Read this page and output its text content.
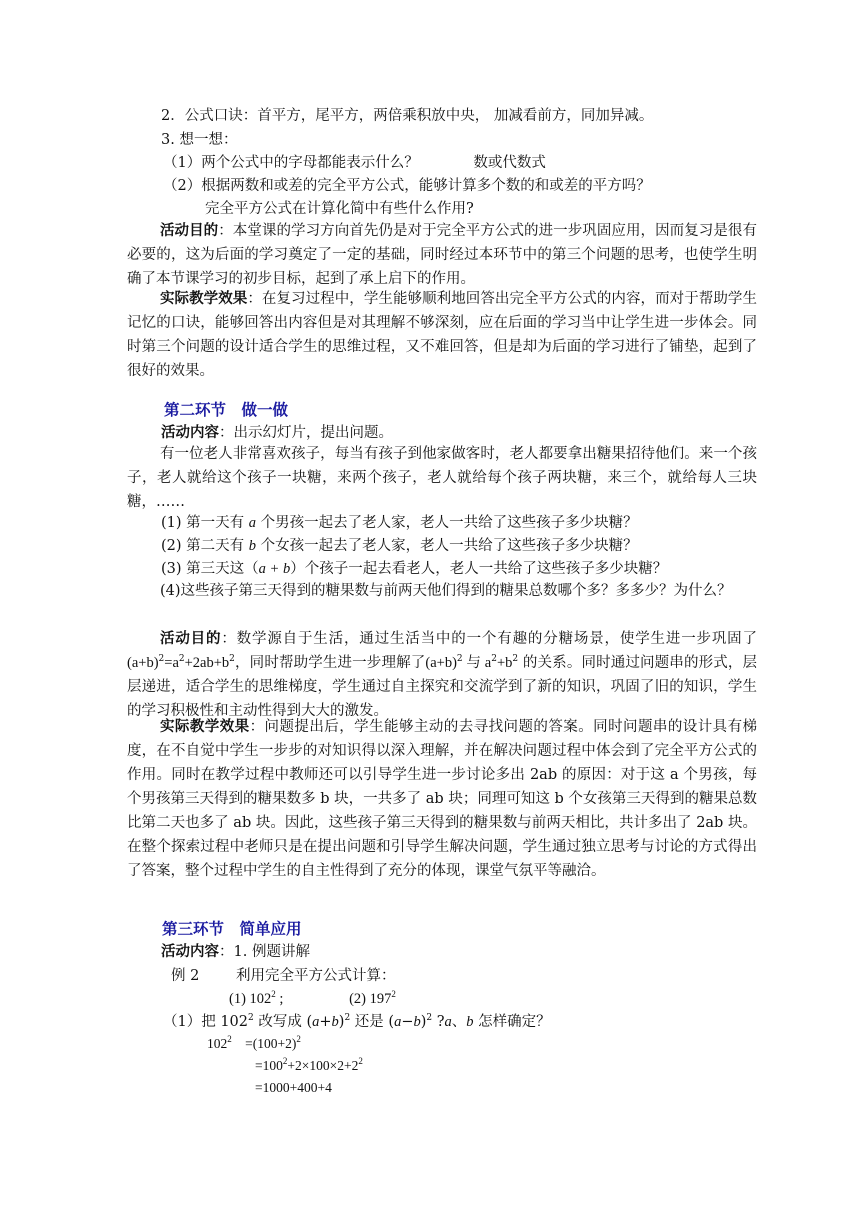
2．公式口诀：首平方，尾平方，两倍乘积放中央， 加减看前方，同加异减。
3. 想一想：
（1）两个公式中的字母都能表示什么？	数或代数式
（2）根据两数和或差的完全平方公式，能够计算多个数的和或差的平方吗？
完全平方公式在计算化简中有些什么作用?
活动目的：本堂课的学习方向首先仍是对于完全平方公式的进一步巩固应用，因而复习是很有必要的，这为后面的学习奠定了一定的基础，同时经过本环节中的第三个问题的思考，也使学生明确了本节课学习的初步目标，起到了承上启下的作用。
实际教学效果：在复习过程中，学生能够顺利地回答出完全平方公式的内容，而对于帮助学生记忆的口诀，能够回答出内容但是对其理解不够深刻，应在后面的学习当中让学生进一步体会。同时第三个问题的设计适合学生的思维过程，又不难回答，但是却为后面的学习进行了铺垫，起到了很好的效果。
第二环节　做一做
活动内容：出示幻灯片，提出问题。
有一位老人非常喜欢孩子，每当有孩子到他家做客时，老人都要拿出糖果招待他们。来一个孩子，老人就给这个孩子一块糖，来两个孩子，老人就给每个孩子两块糖，来三个，就给每人三块糖，……
(1) 第一天有 a 个男孩一起去了老人家，老人一共给了这些孩子多少块糖？
(2) 第二天有 b 个女孩一起去了老人家，老人一共给了这些孩子多少块糖？
(3) 第三天这（a + b）个孩子一起去看老人，老人一共给了这些孩子多少块糖？
(4)这些孩子第三天得到的糖果数与前两天他们得到的糖果总数哪个多？多多少？为什么？
活动目的：数学源自于生活，通过生活当中的一个有趣的分糖场景，使学生进一步巩固了$(a+b)^2=a^2+2ab+b^2$，同时帮助学生进一步理解了$(a+b)^2$ 与 $a^2+b^2$ 的关系。同时通过问题串的形式，层层递进，适合学生的思维梯度，学生通过自主探究和交流学到了新的知识，巩固了旧的知识，学生的学习积极性和主动性得到大大的激发。
实际教学效果：问题提出后，学生能够主动的去寻找问题的答案。同时问题串的设计具有梯度，在不自觉中学生一步步的对知识得以深入理解，并在解决问题过程中体会到了完全平方公式的作用。同时在教学过程中教师还可以引导学生进一步讨论多出 2ab 的原因：对于这 a 个男孩，每个男孩第三天得到的糖果数多 b 块，一共多了 ab 块；同理可知这 b 个女孩第三天得到的糖果总数比第二天也多了 ab 块。因此，这些孩子第三天得到的糖果数与前两天相比，共计多出了 2ab 块。在整个探索过程中老师只是在提出问题和引导学生解决问题，学生通过独立思考与讨论的方式得出了答案，整个过程中学生的自主性得到了充分的体现，课堂气氛平等融洽。
第三环节　简单应用
活动内容：1. 例题讲解
例 2	利用完全平方公式计算：
(1) $102^2$ ;	(2) $197^2$
（1）把 $102^2$ 改写成 $(a+b)^2$ 还是 $(a-b)^2$ ?a、b 怎样确定？
$102^2 =(100+2)^2$
$=100^2+2\times 100\times 2+2^2$
=1000+400+4
